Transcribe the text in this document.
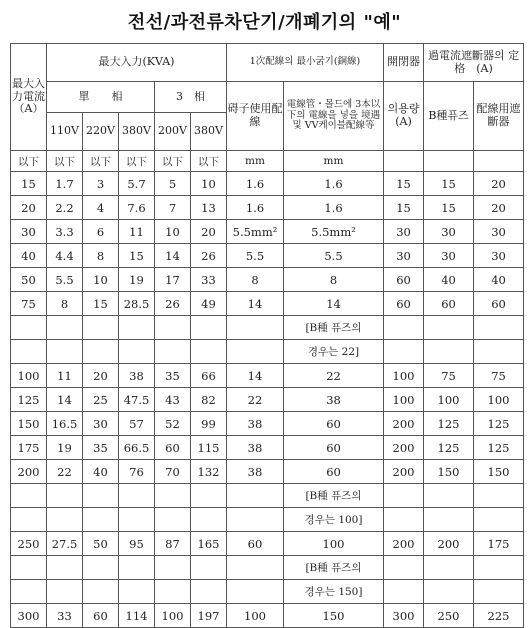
전선/과전류차단기/개폐기의 "예"
最大入力電流（A）	最大入力(KVA)					1次配線의 最小굵기(銅線)		開閉器	過電流遮斷器의 定格　(A)	
	單　　相			3　相		碍子使用配　線	電線管・몰드에 3本以下의 電線을 넣을 境遇 및 VV케이블配線等	의용량(A)	B種퓨즈	配線用遮斷器
	110V	220V	380V	200V	380V					
以下	以下	以下	以下	以下	以下	mm	mm			
15	1.7	3	5.7	5	10	1.6	1.6	15	15	20
20	2.2	4	7.6	7	13	1.6	1.6	15	15	20
30	3.3	6	11	10	20	5.5mm²	5.5mm²	30	30	30
40	4.4	8	15	14	26	5.5	5.5	30	30	30
50	5.5	10	19	17	33	8	8	60	40	40
75	8	15	28.5	26	49	14	14	60	60	60
							[B種 퓨즈의			
							경우는 22]			
100	11	20	38	35	66	14	22	100	75	75
125	14	25	47.5	43	82	22	38	100	100	100
150	16.5	30	57	52	99	38	60	200	125	125
175	19	35	66.5	60	115	38	60	200	125	125
200	22	40	76	70	132	38	60	200	150	150
							[B種 퓨즈의			
							경우는 100]			
250	27.5	50	95	87	165	60	100	200	200	175
							[B種 퓨즈의			
							경우는 150]			
300	33	60	114	100	197	100	150	300	250	225
